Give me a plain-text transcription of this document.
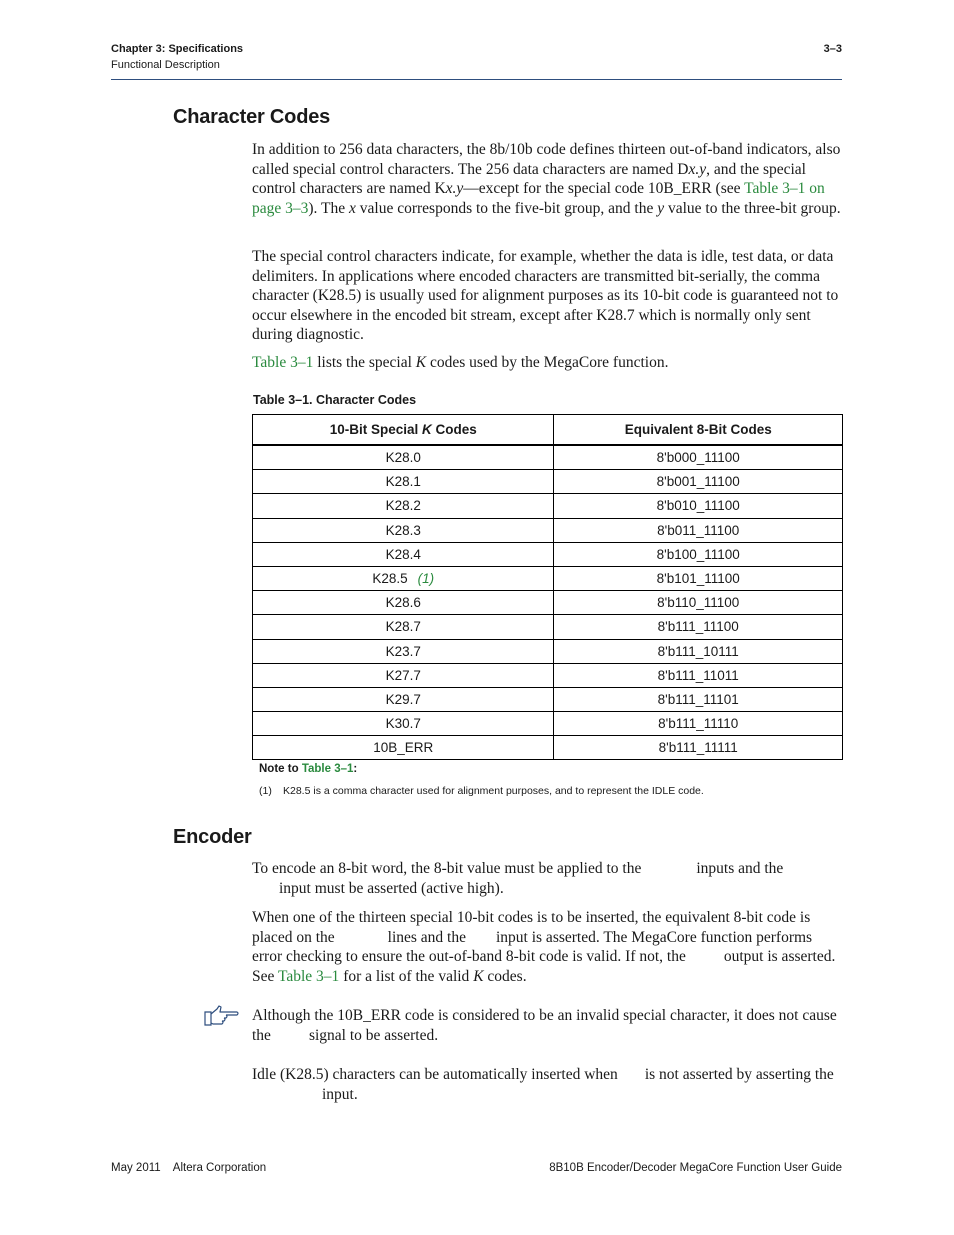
Chapter 3: Specifications
Functional Description
3–3
Character Codes

In addition to 256 data characters, the 8b/10b code defines thirteen out-of-band indicators, also called special control characters. The 256 data characters are named Dx.y, and the special control characters are named Kx.y—except for the special code 10B_ERR (see Table 3–1 on page 3–3). The x value corresponds to the five-bit group, and the y value to the three-bit group.

The special control characters indicate, for example, whether the data is idle, test data, or data delimiters. In applications where encoded characters are transmitted bit-serially, the comma character (K28.5) is usually used for alignment purposes as its 10-bit code is guaranteed not to occur elsewhere in the encoded bit stream, except after K28.7 which is normally only sent during diagnostic.

Table 3–1 lists the special K codes used by the MegaCore function.

Table 3–1. Character Codes
10-Bit Special K Codes	Equivalent 8-Bit Codes
K28.0	8'b000_11100
K28.1	8'b001_11100
K28.2	8'b010_11100
K28.3	8'b011_11100
K28.4	8'b100_11100
K28.5 (1)	8'b101_11100
K28.6	8'b110_11100
K28.7	8'b111_11100
K23.7	8'b111_10111
K27.7	8'b111_11011
K29.7	8'b111_11101
K30.7	8'b111_11110
10B_ERR	8'b111_11111
Note to Table 3–1:
(1) K28.5 is a comma character used for alignment purposes, and to represent the IDLE code.
Encoder

To encode an 8-bit word, the 8-bit value must be applied to the	inputs and the
input must be asserted (active high).

When one of the thirteen special 10-bit codes is to be inserted, the equivalent 8-bit code is placed on the	lines and the input is asserted. The MegaCore function performs error checking to ensure the out-of-band 8-bit code is valid. If not, the output is asserted. See Table 3–1 for a list of the valid K codes.

Although the 10B_ERR code is considered to be an invalid special character, it does not cause the signal to be asserted.

Idle (K28.5) characters can be automatically inserted when is not asserted by asserting theinput.

May 2011    Altera Corporation	8B10B Encoder/Decoder MegaCore Function User Guide
